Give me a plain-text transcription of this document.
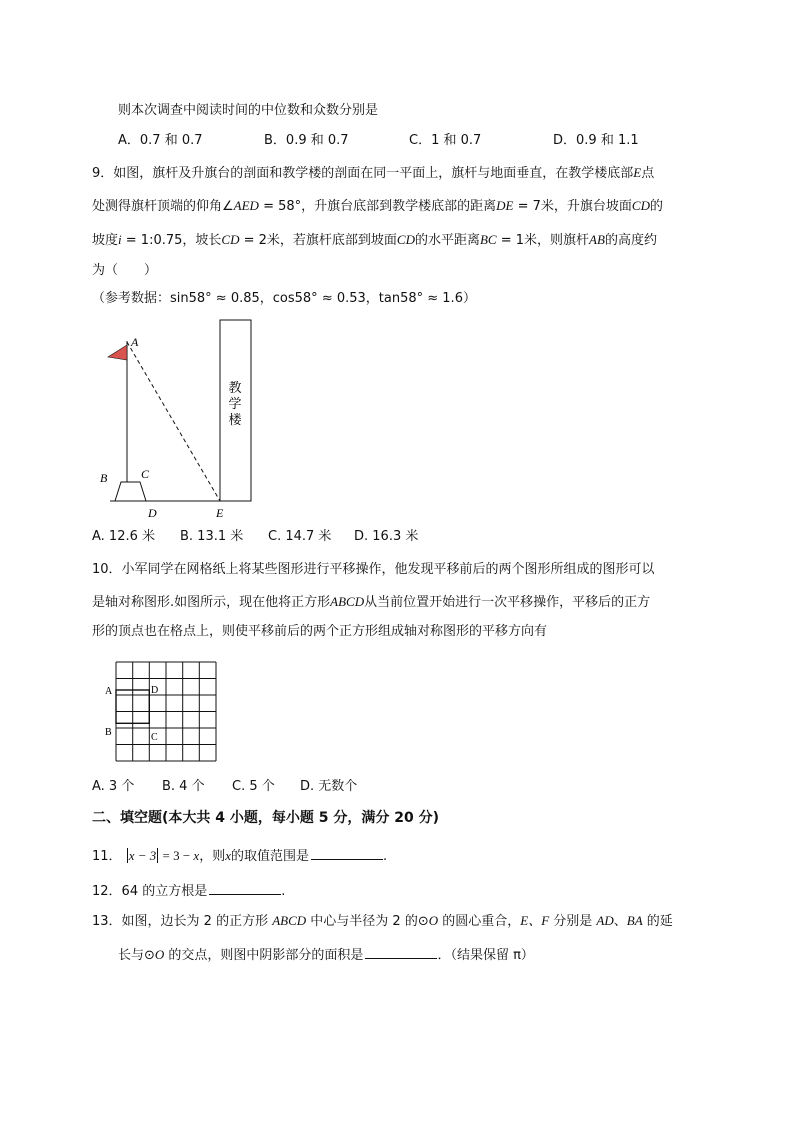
则本次调查中阅读时间的中位数和众数分别是
A．0.7 和 0.7	B．0.9 和 0.7	C．1 和 0.7	D．0.9 和 1.1
9．如图，旗杆及升旗台的剖面和教学楼的剖面在同一平面上，旗杆与地面垂直，在教学楼底部E点
处测得旗杆顶端的仰角∠AED = 58°，升旗台底部到教学楼底部的距离DE = 7米，升旗台坡面CD的
坡度i = 1:0.75，坡长CD = 2米，若旗杆底部到坡面CD的水平距离BC = 1米，则旗杆AB的高度约
为（　　）
（参考数据：sin58° ≈ 0.85，cos58° ≈ 0.53，tan58° ≈ 1.6）
教
学
楼
A
B	C
D	E
A. 12.6 米 B. 13.1 米 C. 14.7 米 D. 16.3 米
10．小军同学在网格纸上将某些图形进行平移操作，他发现平移前后的两个图形所组成的图形可以
是轴对称图形.如图所示，现在他将正方形ABCD从当前位置开始进行一次平移操作，平移后的正方
形的顶点也在格点上，则使平移前后的两个正方形组成轴对称图形的平移方向有
A	D
B	C
A. 3 个 B. 4 个 C. 5 个 D. 无数个
二、填空题(本大共 4 小题，每小题 5 分，满分 20 分)
11． x − 3 = 3 − x，则x的取值范围是	.
12．64 的立方根是	.
13．如图，边长为 2 的正方形 ABCD 中心与半径为 2 的⊙O 的圆心重合，E、F 分别是 AD、BA 的延
长与⊙O 的交点，则图中阴影部分的面积是	．（结果保留 π）
